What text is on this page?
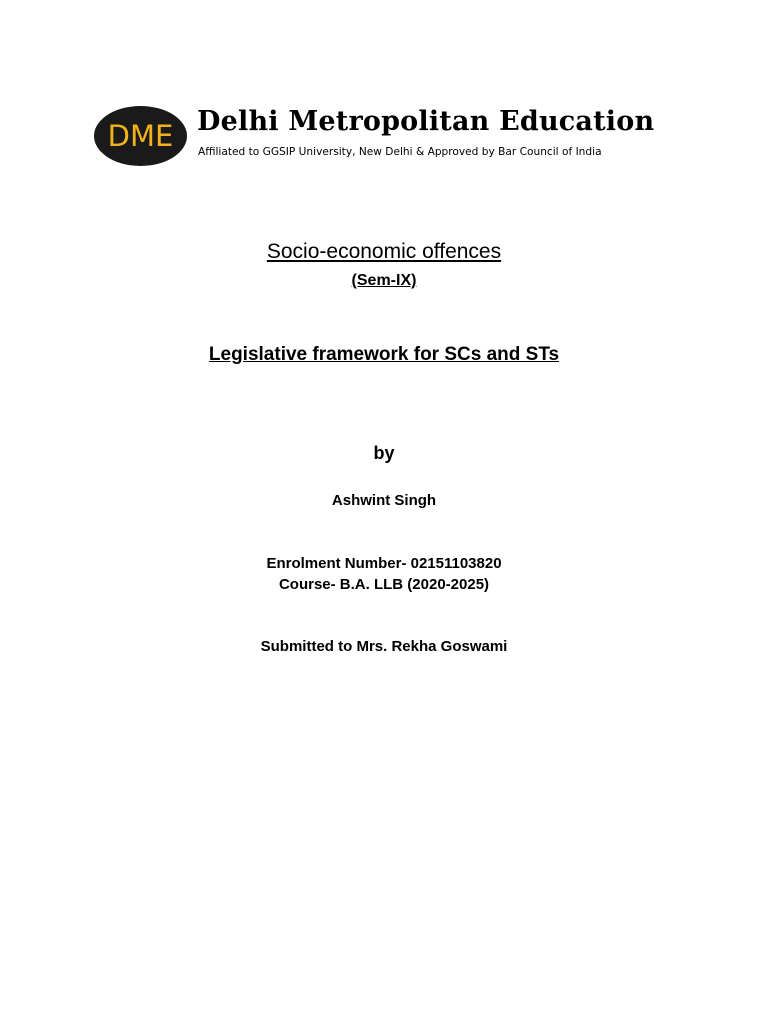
DME Delhi Metropolitan Education
Affiliated to GGSIP University, New Delhi & Approved by Bar Council of India
Socio-economic offences
(Sem-IX)
Legislative framework for SCs and STs
by
Ashwint Singh
Enrolment Number- 02151103820
Course- B.A. LLB (2020-2025)
Submitted to Mrs. Rekha Goswami
